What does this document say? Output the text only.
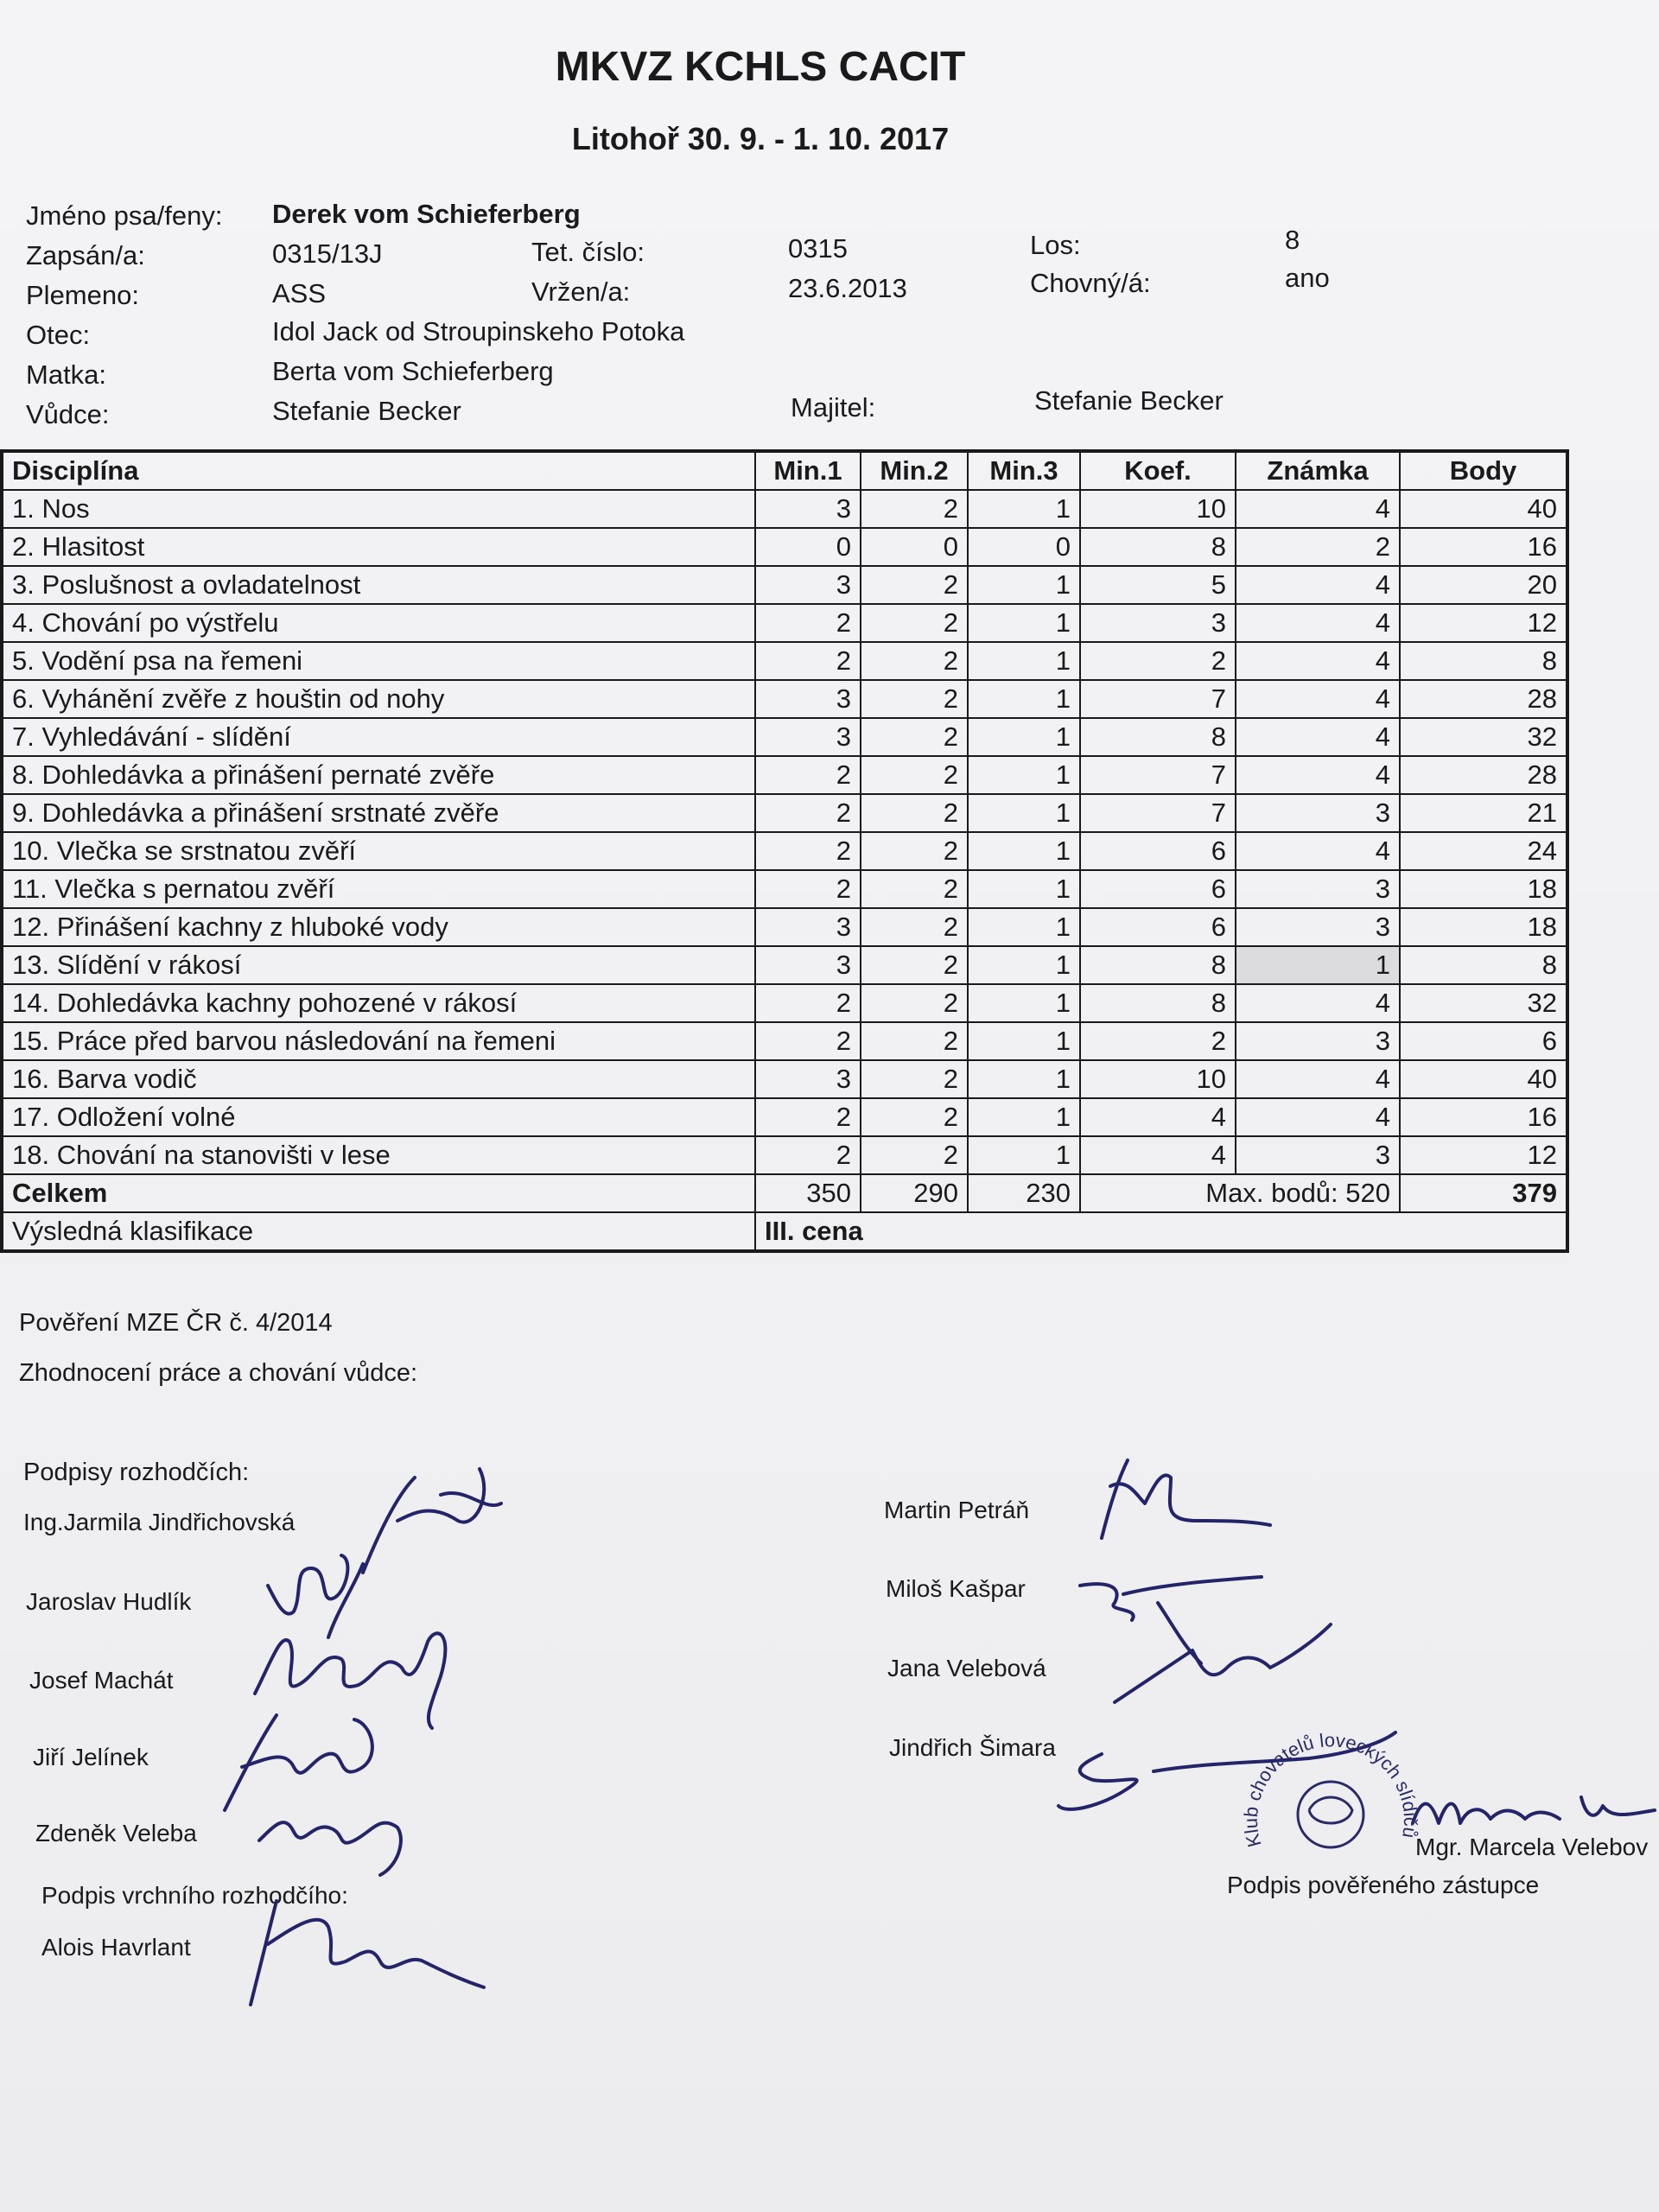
MKVZ KCHLS CACIT
Litohoř 30. 9. - 1. 10. 2017
Jméno psa/feny: Derek vom Schieferberg
Zapsán/a:	0315/13J	Tet. číslo:	0315	Los:	8
Plemeno:	ASS	Vržen/a:	23.6.2013	Chovný/á:	ano
Otec:	Idol Jack od Stroupinskeho Potoka
Matka:	Berta vom Schieferberg
Vůdce:	Stefanie Becker	Majitel:	Stefanie Becker
Disciplína	Min.1	Min.2	Min.3	Koef.	Známka	Body
1. Nos	3	2	1	10	4	40
2. Hlasitost	0	0	0	8	2	16
3. Poslušnost a ovladatelnost	3	2	1	5	4	20
4. Chování po výstřelu	2	2	1	3	4	12
5. Vodění psa na řemeni	2	2	1	2	4	8
6. Vyhánění zvěře z houštin od nohy	3	2	1	7	4	28
7. Vyhledávání - slídění	3	2	1	8	4	32
8. Dohledávka a přinášení pernaté zvěře	2	2	1	7	4	28
9. Dohledávka a přinášení srstnaté zvěře	2	2	1	7	3	21
10. Vlečka se srstnatou zvěří	2	2	1	6	4	24
11. Vlečka s pernatou zvěří	2	2	1	6	3	18
12. Přinášení kachny z hluboké vody	3	2	1	6	3	18
13. Slídění v rákosí	3	2	1	8	1	8
14. Dohledávka kachny pohozené v rákosí	2	2	1	8	4	32
15. Práce před barvou následování na řemeni	2	2	1	2	3	6
16. Barva vodič	3	2	1	10	4	40
17. Odložení volné	2	2	1	4	4	16
18. Chování na stanovišti v lese	2	2	1	4	3	12
Celkem	350	290	230	Max. bodů: 520		379
Výsledná klasifikace	III. cena					
Pověření MZE ČR č. 4/2014
Zhodnocení práce a chování vůdce:
Podpisy rozhodčích:
Ing.Jarmila Jindřichovská
Jaroslav Hudlík
Josef Machát
Jiří Jelínek
Zdeněk Veleba
Podpis vrchního rozhodčího:
Alois Havrlant
Martin Petráň
Miloš Kašpar
Jana Velebová
Jindřich Šimara
Mgr. Marcela Velebov
Podpis pověřeného zástupce
Klub chovatelů loveckých slídičů
